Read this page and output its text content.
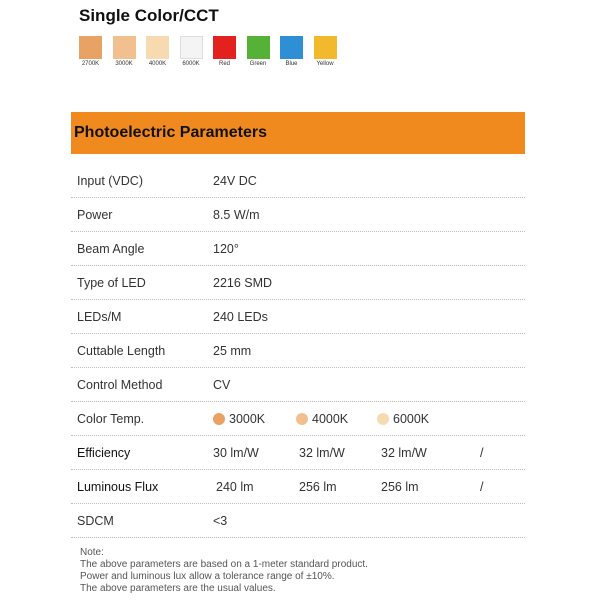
Single Color/CCT
2700K	3000K	4000K	6000K	Red	Green	Blue	Yellow
Photoelectric Parameters
Input (VDC)	24V DC
Power	8.5 W/m
Beam Angle	120°
Type of LED	2216 SMD
LEDs/M	240 LEDs
Cuttable Length	25 mm
Control Method	CV
Color Temp.	3000K	4000K	6000K
Efficiency	30 lm/W	32 lm/W	32 lm/W	/
Luminous Flux	240 lm	256 lm	256 lm	/
SDCM	<3
Note:
The above parameters are based on a 1-meter standard product.
Power and luminous lux allow a tolerance range of ±10%.
The above parameters are the usual values.
